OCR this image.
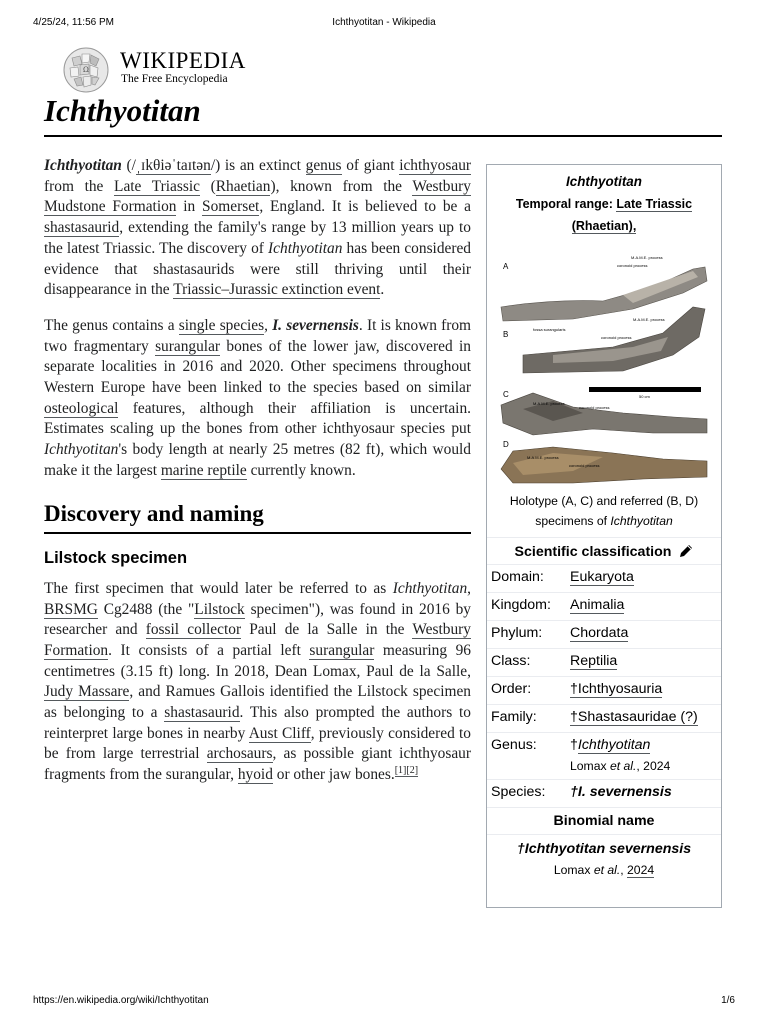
4/25/24, 11:56 PM	Ichthyotitan - Wikipedia
Ω WIKIPEDIA
The Free Encyclopedia
Ichthyotitan

Ichthyotitan (/ˌɪkθiəˈtaɪtən/) is an extinct genus of giant ichthyosaur from the Late Triassic (Rhaetian), known from the Westbury Mudstone Formation in Somerset, England. It is believed to be a shastasaurid, extending the family's range by 13 million years up to the latest Triassic. The discovery of Ichthyotitan has been considered evidence that shastasaurids were still thriving until their disappearance in the Triassic–Jurassic extinction event.

The genus contains a single species, I. severnensis. It is known from two fragmentary surangular bones of the lower jaw, discovered in separate localities in 2016 and 2020. Other specimens throughout Western Europe have been linked to the species based on similar osteological features, although their affiliation is uncertain. Estimates scaling up the bones from other ichthyosaur species put Ichthyotitan's body length at nearly 25 metres (82 ft), which would make it the largest marine reptile currently known.

Discovery and naming
Lilstock specimen

The first specimen that would later be referred to as Ichthyotitan, BRSMG Cg2488 (the "Lilstock specimen"), was found in 2016 by researcher and fossil collector Paul de la Salle in the Westbury Formation. It consists of a partial left surangular measuring 96 centimetres (3.15 ft) long. In 2018, Dean Lomax, Paul de la Salle, Judy Massare, and Ramues Gallois identified the Lilstock specimen as belonging to a shastasaurid. This also prompted the authors to reinterpret large bones in nearby Aust Cliff, previously considered to be from large terrestrial archosaurs, as possible giant ichthyosaur fragments from the surangular, hyoid or other jaw bones.[1][2]

Ichthyotitan
Temporal range: Late Triassic
(Rhaetian),
A
M.A.M.E. process
coronoid process
fossa surangularis
B
M.A.M.E. process
coronoid process
50 cm
C
M.A.M.E. process
coronoid process
D
M.A.M.E. process
coronoid process
Holotype (A, C) and referred (B, D) specimens of Ichthyotitan
Scientific classification
Domain: Eukaryota
Kingdom: Animalia
Phylum: Chordata
Class:	Reptilia
Order:	†Ichthyosauria
Family: †Shastasauridae (?)
Genus: †Ichthyotitan
Lomax et al., 2024
Species: †I. severnensis
Binomial name
†Ichthyotitan severnensis
Lomax et al., 2024
https://en.wikipedia.org/wiki/Ichthyotitan	1/6
